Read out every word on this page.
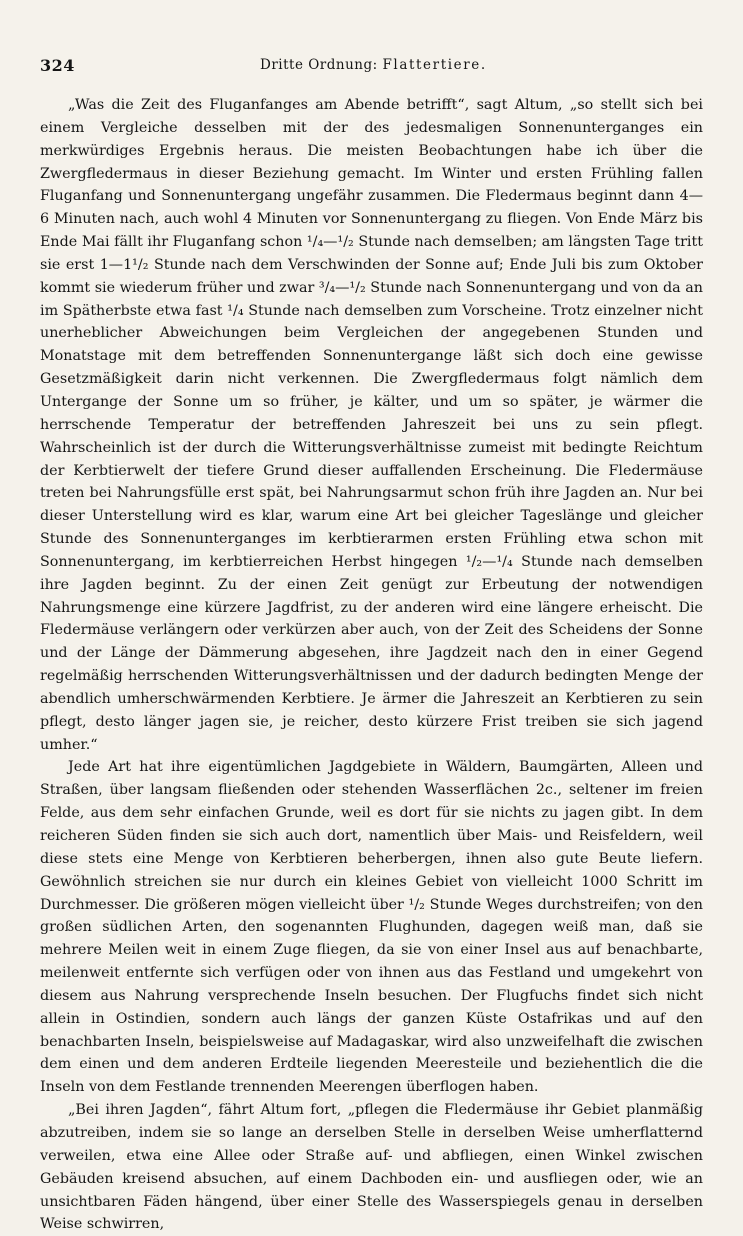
324	Dritte Ordnung: Flattertiere.

„Was die Zeit des Fluganfanges am Abende betrifft“, sagt Altum, „so stellt sich bei einem Vergleiche desselben mit der des jedesmaligen Sonnenunterganges ein merkwürdiges Ergebnis heraus. Die meisten Beobachtungen habe ich über die Zwergfledermaus in dieser Beziehung gemacht. Im Winter und ersten Frühling fallen Fluganfang und Sonnenuntergang ungefähr zusammen. Die Fledermaus beginnt dann 4—6 Minuten nach, auch wohl 4 Minuten vor Sonnenuntergang zu fliegen. Von Ende März bis Ende Mai fällt ihr Fluganfang schon ¹/₄—¹/₂ Stunde nach demselben; am längsten Tage tritt sie erst 1—1¹/₂ Stunde nach dem Verschwinden der Sonne auf; Ende Juli bis zum Oktober kommt sie wiederum früher und zwar ³/₄—¹/₂ Stunde nach Sonnenuntergang und von da an im Spätherbste etwa fast ¹/₄ Stunde nach demselben zum Vorscheine. Trotz einzelner nicht unerheblicher Abweichungen beim Vergleichen der angegebenen Stunden und Monatstage mit dem betreffenden Sonnenuntergange läßt sich doch eine gewisse Gesetzmäßigkeit darin nicht verkennen. Die Zwergfledermaus folgt nämlich dem Untergange der Sonne um so früher, je kälter, und um so später, je wärmer die herrschende Temperatur der betreffenden Jahreszeit bei uns zu sein pflegt. Wahrscheinlich ist der durch die Witterungsverhältnisse zumeist mit bedingte Reichtum der Kerbtierwelt der tiefere Grund dieser auffallenden Erscheinung. Die Fledermäuse treten bei Nahrungsfülle erst spät, bei Nahrungsarmut schon früh ihre Jagden an. Nur bei dieser Unterstellung wird es klar, warum eine Art bei gleicher Tageslänge und gleicher Stunde des Sonnenunterganges im kerbtierarmen ersten Frühling etwa schon mit Sonnenuntergang, im kerbtierreichen Herbst hingegen ¹/₂—¹/₄ Stunde nach demselben ihre Jagden beginnt. Zu der einen Zeit genügt zur Erbeutung der notwendigen Nahrungsmenge eine kürzere Jagdfrist, zu der anderen wird eine längere erheischt. Die Fledermäuse verlängern oder verkürzen aber auch, von der Zeit des Scheidens der Sonne und der Länge der Dämmerung abgesehen, ihre Jagdzeit nach den in einer Gegend regelmäßig herrschenden Witterungsverhältnissen und der dadurch bedingten Menge der abendlich umherschwärmenden Kerbtiere. Je ärmer die Jahreszeit an Kerbtieren zu sein pflegt, desto länger jagen sie, je reicher, desto kürzere Frist treiben sie sich jagend umher.“

Jede Art hat ihre eigentümlichen Jagdgebiete in Wäldern, Baumgärten, Alleen und Straßen, über langsam fließenden oder stehenden Wasserflächen 2c., seltener im freien Felde, aus dem sehr einfachen Grunde, weil es dort für sie nichts zu jagen gibt. In dem reicheren Süden finden sie sich auch dort, namentlich über Mais- und Reisfeldern, weil diese stets eine Menge von Kerbtieren beherbergen, ihnen also gute Beute liefern. Gewöhnlich streichen sie nur durch ein kleines Gebiet von vielleicht 1000 Schritt im Durchmesser. Die größeren mögen vielleicht über ¹/₂ Stunde Weges durchstreifen; von den großen südlichen Arten, den sogenannten Flughunden, dagegen weiß man, daß sie mehrere Meilen weit in einem Zuge fliegen, da sie von einer Insel aus auf benachbarte, meilenweit entfernte sich verfügen oder von ihnen aus das Festland und umgekehrt von diesem aus Nahrung versprechende Inseln besuchen. Der Flugfuchs findet sich nicht allein in Ostindien, sondern auch längs der ganzen Küste Ostafrikas und auf den benachbarten Inseln, beispielsweise auf Madagaskar, wird also unzweifelhaft die zwischen dem einen und dem anderen Erdteile liegenden Meeresteile und beziehentlich die die Inseln von dem Festlande trennenden Meerengen überflogen haben.

„Bei ihren Jagden“, fährt Altum fort, „pflegen die Fledermäuse ihr Gebiet planmäßig abzutreiben, indem sie so lange an derselben Stelle in derselben Weise umherflatternd verweilen, etwa eine Allee oder Straße auf- und abfliegen, einen Winkel zwischen Gebäuden kreisend absuchen, auf einem Dachboden ein- und ausfliegen oder, wie an unsichtbaren Fäden hängend, über einer Stelle des Wasserspiegels genau in derselben Weise schwirren,
